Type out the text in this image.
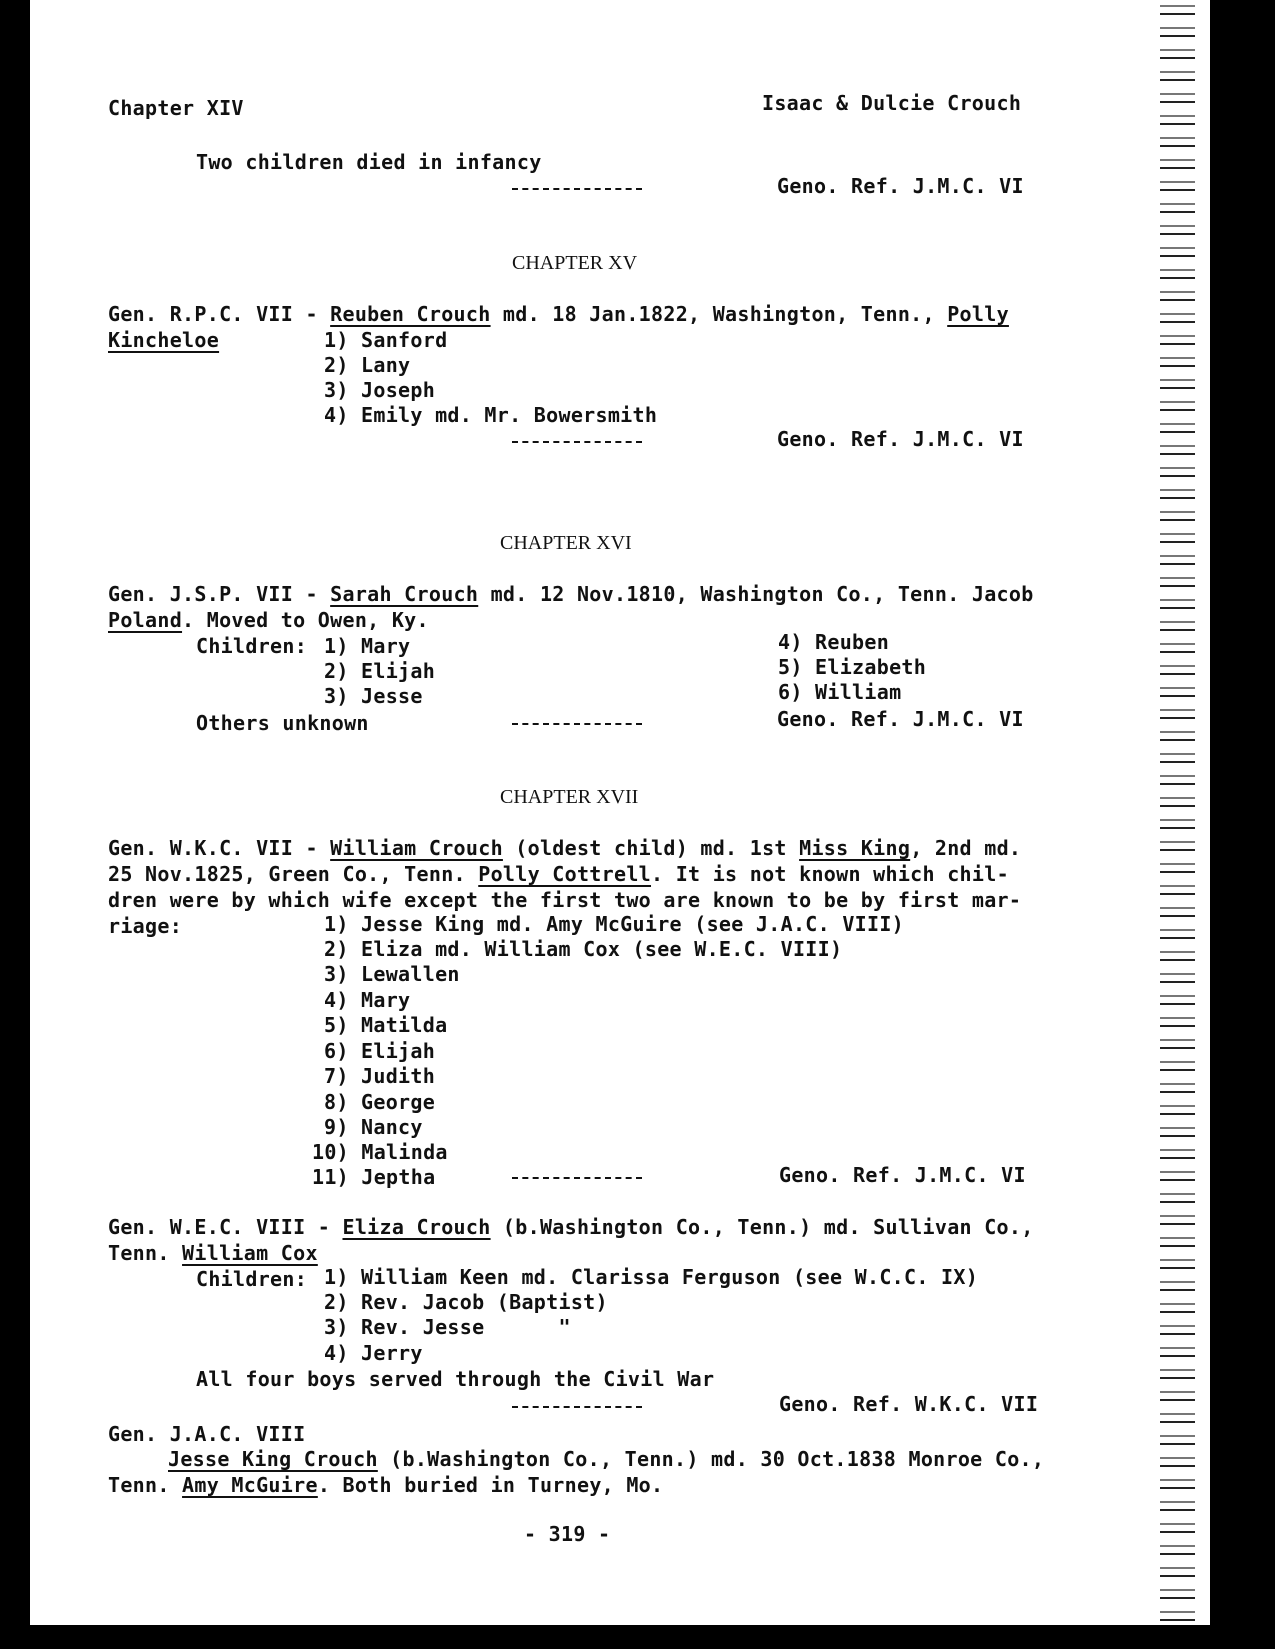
Chapter XIV	Isaac & Dulcie Crouch
Two children died in infancy
Geno. Ref. J.M.C. VI
CHAPTER XV
Gen. R.P.C. VII - Reuben Crouch md. 18 Jan.1822, Washington, Tenn., Polly
Kincheloe	1) Sanford
2) Lany
3) Joseph
4) Emily md. Mr. Bowersmith
Geno. Ref. J.M.C. VI
CHAPTER XVI
Gen. J.S.P. VII - Sarah Crouch md. 12 Nov.1810, Washington Co., Tenn. Jacob
Poland. Moved to Owen, Ky.
Children: 1) Mary
2) Elijah
3) Jesse
4) Reuben
5) Elizabeth
6) William
Others unknown	Geno. Ref. J.M.C. VI
CHAPTER XVII
Gen. W.K.C. VII - William Crouch (oldest child) md. 1st Miss King, 2nd md.
25 Nov.1825, Green Co., Tenn. Polly Cottrell. It is not known which chil-
dren were by which wife except the first two are known to be by first mar-
riage:	1) Jesse King md. Amy McGuire (see J.A.C. VIII)
2) Eliza md. William Cox (see W.E.C. VIII)
3) Lewallen
4) Mary
5) Matilda
6) Elijah
7) Judith
8) George
9) Nancy
10) Malinda
11) Jeptha	Geno. Ref. J.M.C. VI
Gen. W.E.C. VIII - Eliza Crouch (b.Washington Co., Tenn.) md. Sullivan Co.,
Tenn. William Cox
Children: 1) William Keen md. Clarissa Ferguson (see W.C.C. IX)
2) Rev. Jacob (Baptist)
3) Rev. Jesse      "
4) Jerry
All four boys served through the Civil War
Geno. Ref. W.K.C. VII
Gen. J.A.C. VIII
Jesse King Crouch (b.Washington Co., Tenn.) md. 30 Oct.1838 Monroe Co.,
Tenn. Amy McGuire. Both buried in Turney, Mo.
- 319 -
